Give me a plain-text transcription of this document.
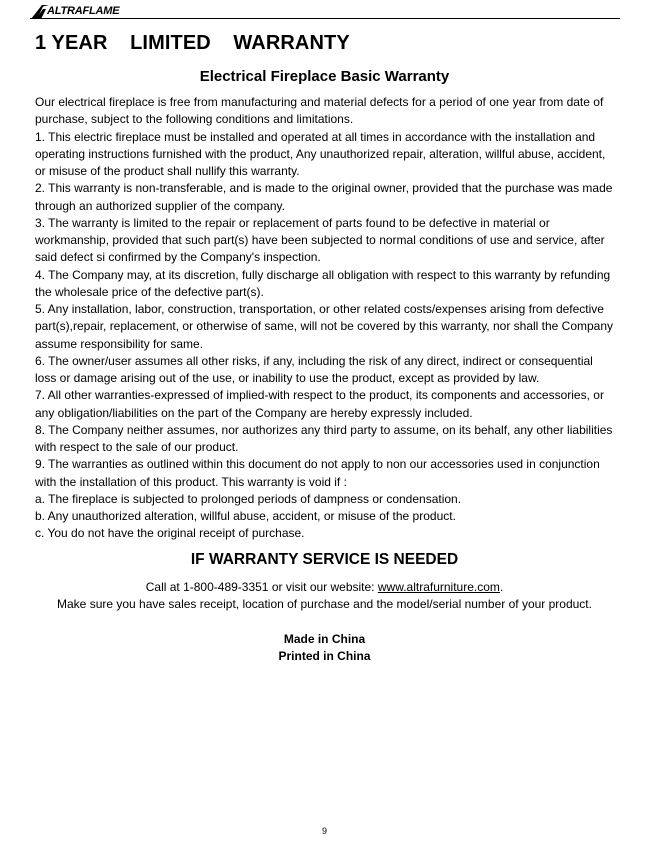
ALTRAFLAME
1 YEAR    LIMITED    WARRANTY
Electrical Fireplace Basic Warranty

Our electrical fireplace is free from manufacturing and material defects for a period of one year from date of purchase, subject to the following conditions and limitations.

1. This electric fireplace must be installed and operated at all times in accordance with the installation and operating instructions furnished with the product, Any unauthorized repair, alteration, willful abuse, accident, or misuse of the product shall nullify this warranty.

2. This warranty is non-transferable, and is made to the original owner, provided that the purchase was made through an authorized supplier of the company.

3. The warranty is limited to the repair or replacement of parts found to be defective in material or workmanship, provided that such part(s) have been subjected to normal conditions of use and service, after said defect si confirmed by the Company's inspection.

4. The Company may, at its discretion, fully discharge all obligation with respect to this warranty by refunding the wholesale price of the defective part(s).

5. Any installation, labor, construction, transportation, or other related costs/expenses arising from defective part(s),repair, replacement, or otherwise of same, will not be covered by this warranty, nor shall the Company assume responsibility for same.

6. The owner/user assumes all other risks, if any, including the risk of any direct, indirect or consequential loss or damage arising out of the use, or inability to use the product, except as provided by law.

7. All other warranties-expressed of implied-with respect to the product, its components and accessories, or any obligation/liabilities on the part of the Company are hereby expressly included.

8. The Company neither assumes, nor authorizes any third party to assume, on its behalf, any other liabilities with respect to the sale of our product.

9. The warranties as outlined within this document do not apply to non our accessories used in conjunction with the installation of this product. This warranty is void if :

a. The fireplace is subjected to prolonged periods of dampness or condensation.

b. Any unauthorized alteration, willful abuse, accident, or misuse of the product.

c. You do not have the original receipt of purchase.

IF WARRANTY SERVICE IS NEEDED
Call at 1-800-489-3351 or visit our website: www.altrafurniture.com.
Make sure you have sales receipt, location of purchase and the model/serial number of your product.
Made in China
Printed in China
9
